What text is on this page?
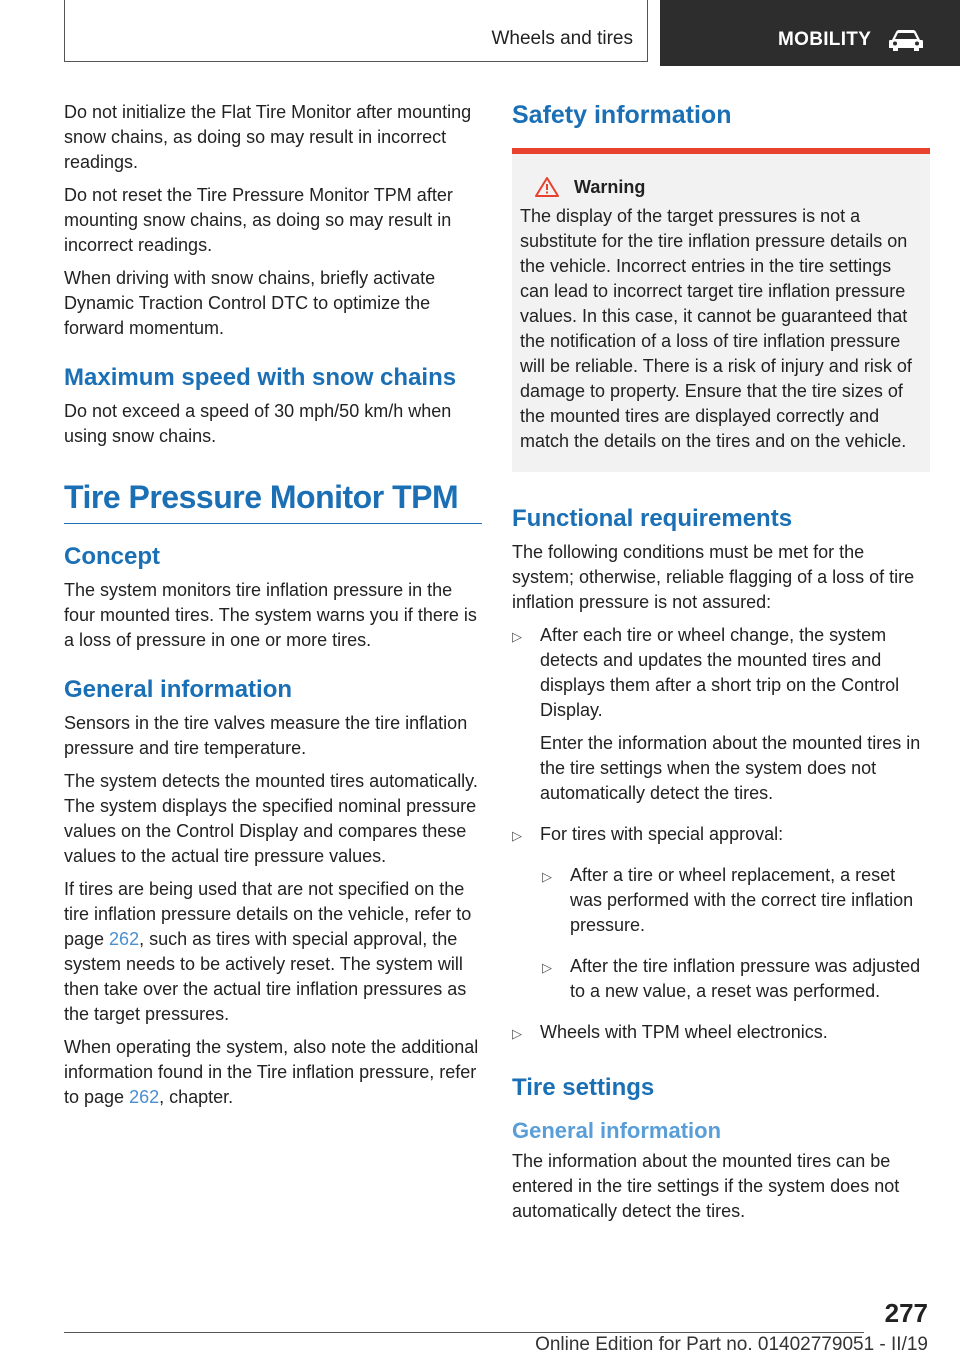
Wheels and tires	MOBILITY

Do not initialize the Flat Tire Monitor after mounting snow chains, as doing so may result in incorrect readings.

Do not reset the Tire Pressure Monitor TPM after mounting snow chains, as doing so may result in incorrect readings.

When driving with snow chains, briefly activate Dynamic Traction Control DTC to optimize the forward momentum.

Maximum speed with snow chains

Do not exceed a speed of 30 mph/50 km/h when using snow chains.

Tire Pressure Monitor TPM
Concept

The system monitors tire inflation pressure in the four mounted tires. The system warns you if there is a loss of pressure in one or more tires.

General information

Sensors in the tire valves measure the tire inflation pressure and tire temperature.

The system detects the mounted tires automatically. The system displays the specified nominal pressure values on the Control Display and compares these values to the actual tire pressure values.

If tires are being used that are not specified on the tire inflation pressure details on the vehicle, refer to page 262, such as tires with special approval, the system needs to be actively reset. The system will then take over the actual tire inflation pressures as the target pressures.

When operating the system, also note the additional information found in the Tire inflation pressure, refer to page 262, chapter.

Safety information
Warning

The display of the target pressures is not a substitute for the tire inflation pressure details on the vehicle. Incorrect entries in the tire settings can lead to incorrect target tire inflation pressure values. In this case, it cannot be guaranteed that the notification of a loss of tire inflation pressure will be reliable. There is a risk of injury and risk of damage to property. Ensure that the tire sizes of the mounted tires are displayed correctly and match the details on the tires and on the vehicle.

Functional requirements

The following conditions must be met for the system; otherwise, reliable flagging of a loss of tire inflation pressure is not assured:

▷	After each tire or wheel change, the system detects and updates the mounted tires and displays them after a short trip on the Control Display.

Enter the information about the mounted tires in the tire settings when the system does not automatically detect the tires.

▷	For tires with special approval:

▷	After a tire or wheel replacement, a reset was performed with the correct tire inflation pressure.

▷	After the tire inflation pressure was adjusted to a new value, a reset was performed.

▷	Wheels with TPM wheel electronics.

Tire settings
General information

The information about the mounted tires can be entered in the tire settings if the system does not automatically detect the tires.

277
Online Edition for Part no. 01402779051 - II/19
